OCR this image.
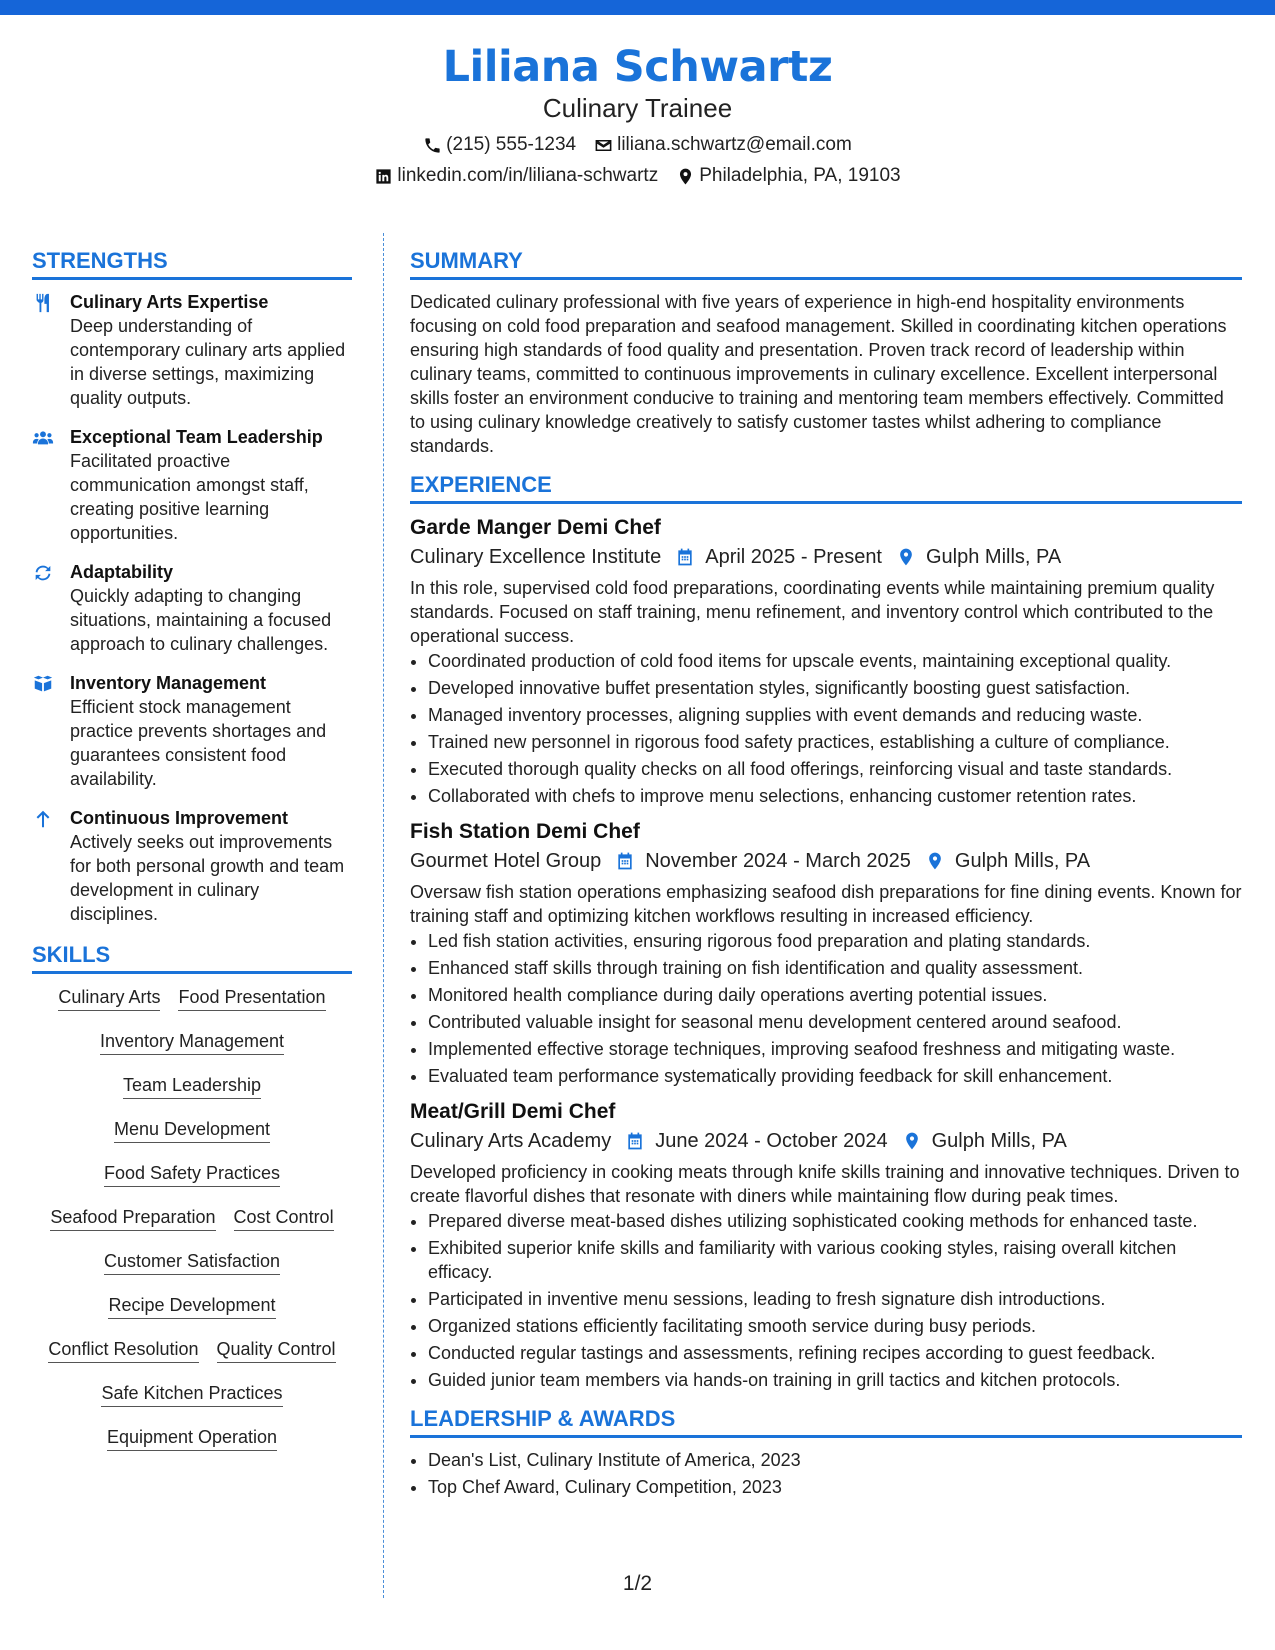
Liliana Schwartz
Culinary Trainee
(215) 555-1234 liliana.schwartz@email.com
linkedin.com/in/liliana-schwartz Philadelphia, PA, 19103
STRENGTHS
Culinary Arts Expertise
Deep understanding of contemporary culinary arts applied in diverse settings, maximizing quality outputs.
Exceptional Team Leadership
Facilitated proactive communication amongst staff, creating positive learning opportunities.
Adaptability
Quickly adapting to changing situations, maintaining a focused approach to culinary challenges.
Inventory Management
Efficient stock management practice prevents shortages and guarantees consistent food availability.
Continuous Improvement
Actively seeks out improvements for both personal growth and team development in culinary disciplines.
SKILLS
Culinary Arts Food Presentation
Inventory Management
Team Leadership
Menu Development
Food Safety Practices
Seafood Preparation Cost Control
Customer Satisfaction
Recipe Development
Conflict Resolution Quality Control
Safe Kitchen Practices
Equipment Operation
SUMMARY
Dedicated culinary professional with five years of experience in high-end hospitality environments focusing on cold food preparation and seafood management. Skilled in coordinating kitchen operations ensuring high standards of food quality and presentation. Proven track record of leadership within culinary teams, committed to continuous improvements in culinary excellence. Excellent interpersonal skills foster an environment conducive to training and mentoring team members effectively. Committed to using culinary knowledge creatively to satisfy customer tastes whilst adhering to compliance standards.
EXPERIENCE
Garde Manger Demi Chef
Culinary Excellence Institute April 2025 - Present Gulph Mills, PA
In this role, supervised cold food preparations, coordinating events while maintaining premium quality standards. Focused on staff training, menu refinement, and inventory control which contributed to the operational success.
• Coordinated production of cold food items for upscale events, maintaining exceptional quality.
• Developed innovative buffet presentation styles, significantly boosting guest satisfaction.
• Managed inventory processes, aligning supplies with event demands and reducing waste.
• Trained new personnel in rigorous food safety practices, establishing a culture of compliance.
• Executed thorough quality checks on all food offerings, reinforcing visual and taste standards.
• Collaborated with chefs to improve menu selections, enhancing customer retention rates.
Fish Station Demi Chef
Gourmet Hotel Group November 2024 - March 2025 Gulph Mills, PA
Oversaw fish station operations emphasizing seafood dish preparations for fine dining events. Known for training staff and optimizing kitchen workflows resulting in increased efficiency.
• Led fish station activities, ensuring rigorous food preparation and plating standards.
• Enhanced staff skills through training on fish identification and quality assessment.
• Monitored health compliance during daily operations averting potential issues.
• Contributed valuable insight for seasonal menu development centered around seafood.
• Implemented effective storage techniques, improving seafood freshness and mitigating waste.
• Evaluated team performance systematically providing feedback for skill enhancement.
Meat/Grill Demi Chef
Culinary Arts Academy June 2024 - October 2024 Gulph Mills, PA
Developed proficiency in cooking meats through knife skills training and innovative techniques. Driven to create flavorful dishes that resonate with diners while maintaining flow during peak times.
• Prepared diverse meat-based dishes utilizing sophisticated cooking methods for enhanced taste.
• Exhibited superior knife skills and familiarity with various cooking styles, raising overall kitchen efficacy.
• Participated in inventive menu sessions, leading to fresh signature dish introductions.
• Organized stations efficiently facilitating smooth service during busy periods.
• Conducted regular tastings and assessments, refining recipes according to guest feedback.
• Guided junior team members via hands-on training in grill tactics and kitchen protocols.
LEADERSHIP & AWARDS
• Dean's List, Culinary Institute of America, 2023
• Top Chef Award, Culinary Competition, 2023
1/2
